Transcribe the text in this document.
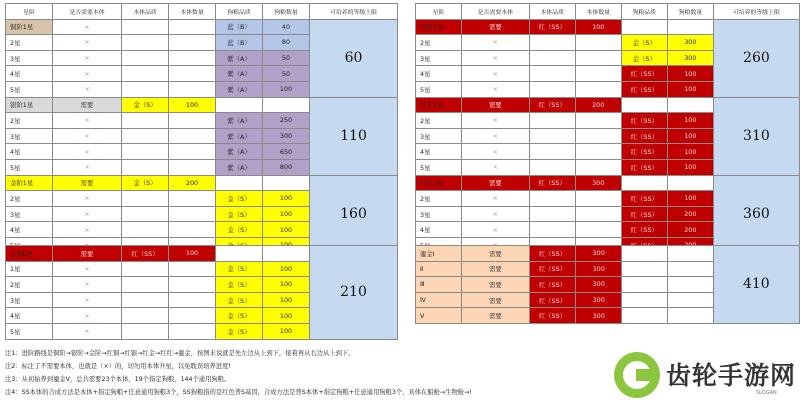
星阶	是否需要本体	本体品质	本体数量	狗粮品质	狗粮数量	可培养的等级上限
铜阶1星	×			蓝（B）	40	60
2星	×			蓝（B）	80	
3星	×			紫（A）	50	
4星	×			紫（A）	50	
5星	×			紫（A）	100	
银阶1星	需要	金（S）	100			110
2星	×			紫（A）	250	
3星	×			紫（A）	300	
4星	×			紫（A）	650	
5星	×			紫（A）	800	
金阶1星	需要	金（S）	200			160
2星	×			金（S）	100	
3星	×			金（S）	100	
4星	×			金（S）	100	

星阶	是否需要本体	本体品质	本体数量	狗粮品质	狗粮数量	可培养的等级上限
红银1星	需要	红（SS）	100			260
2星	×			金（S）	300	
3星	×			金（S）	300	
4星	×			红（SS）	100	
5星	×			红（SS）	100	
红金1星	需要	红（SS）	200			310
2星	×			红（SS）	100	
3星	×			红（SS）	100	
4星	×			红（SS）	100	
5星	×			红（SS）	100	
红红1星	需要	红（SS）	300			360
2星	×			红（SS）	100	
3星	×			红（SS）	200	
4星	×			红（SS）	200	

红铜0星	需要	红（SS）	100			210
1星	×			金（S）	100	
2星	×			金（S）	100	
3星	×			金（S）	100	
4星	×			金（S）	100	
5星	×			金（S）	100	
鎏金Ⅰ	需要	红（SS）	300			410
Ⅱ	需要	红（SS）	300			
Ⅲ	需要	红（SS）	300			
Ⅳ	需要	红（SS）	300			
Ⅴ	需要	红（SS）	300			
注1：进阶路线是铜阶→银阶→金阶→红铜→红银→红金→红红→鎏金，按图来说就是先左边从上到下，接着再从右边从上到下。
注2：标注了不需要本体，也就是（×）的，切勿用本体升星，以免耽误培养进度!
注3：从初始养到鎏金V，总共需要23个本体，19个指定狗粮，144个通用狗粮。
注4：SS本体的合成方法是本体+指定狗粮+任意通用狗粮3个，SS狗粮指的是红色普S基因，合成方法是普S本体+指定狗粮+任意通用狗粮3个，具体在船舱→生物舱→!
齿轮手游网
SLOGAN
